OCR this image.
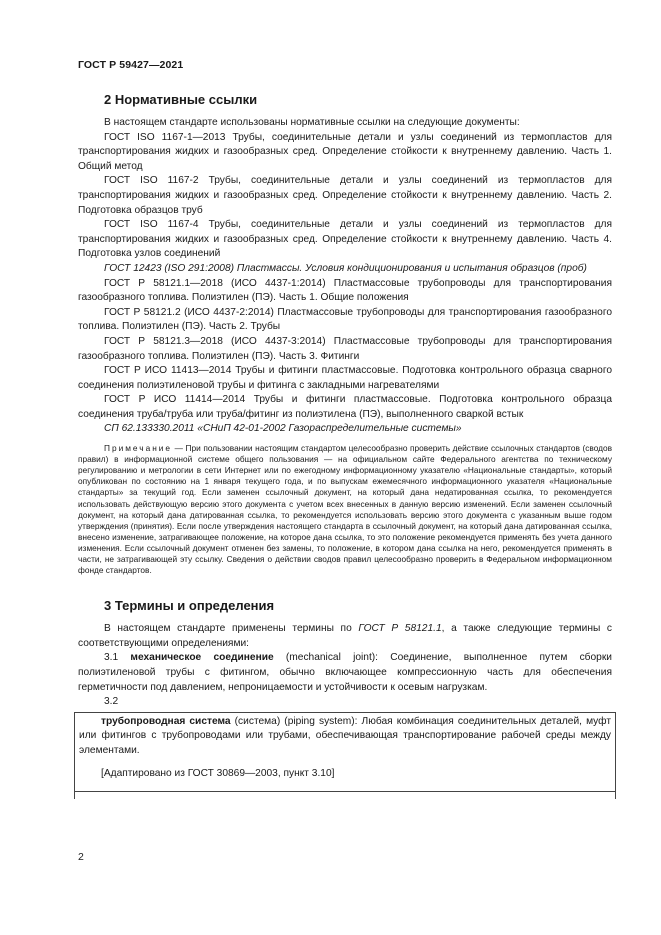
ГОСТ Р 59427—2021
2 Нормативные ссылки

В настоящем стандарте использованы нормативные ссылки на следующие документы:

ГОСТ ISO 1167-1—2013 Трубы, соединительные детали и узлы соединений из термопластов для транспортирования жидких и газообразных сред. Определение стойкости к внутреннему давлению. Часть 1. Общий метод

ГОСТ ISO 1167-2 Трубы, соединительные детали и узлы соединений из термопластов для транспортирования жидких и газообразных сред. Определение стойкости к внутреннему давлению. Часть 2. Подготовка образцов труб

ГОСТ ISO 1167-4 Трубы, соединительные детали и узлы соединений из термопластов для транспортирования жидких и газообразных сред. Определение стойкости к внутреннему давлению. Часть 4. Подготовка узлов соединений

ГОСТ 12423 (ISO 291:2008) Пластмассы. Условия кондиционирования и испытания образцов (проб)

ГОСТ Р 58121.1—2018 (ИСО 4437-1:2014) Пластмассовые трубопроводы для транспортирования газообразного топлива. Полиэтилен (ПЭ). Часть 1. Общие положения

ГОСТ Р 58121.2 (ИСО 4437-2:2014) Пластмассовые трубопроводы для транспортирования газообразного топлива. Полиэтилен (ПЭ). Часть 2. Трубы

ГОСТ Р 58121.3—2018 (ИСО 4437-3:2014) Пластмассовые трубопроводы для транспортирования газообразного топлива. Полиэтилен (ПЭ). Часть 3. Фитинги

ГОСТ Р ИСО 11413—2014 Трубы и фитинги пластмассовые. Подготовка контрольного образца сварного соединения полиэтиленовой трубы и фитинга с закладными нагревателями

ГОСТ Р ИСО 11414—2014 Трубы и фитинги пластмассовые. Подготовка контрольного образца соединения труба/труба или труба/фитинг из полиэтилена (ПЭ), выполненного сваркой встык

СП 62.133330.2011 «СНиП 42-01-2002 Газораспределительные системы»

Примечание — При пользовании настоящим стандартом целесообразно проверить действие ссылочных стандартов (сводов правил) в информационной системе общего пользования — на официальном сайте Федерального агентства по техническому регулированию и метрологии в сети Интернет или по ежегодному информационному указателю «Национальные стандарты», который опубликован по состоянию на 1 января текущего года, и по выпускам ежемесячного информационного указателя «Национальные стандарты» за текущий год. Если заменен ссылочный документ, на который дана недатированная ссылка, то рекомендуется использовать действующую версию этого документа с учетом всех внесенных в данную версию изменений. Если заменен ссылочный документ, на который дана датированная ссылка, то рекомендуется использовать версию этого документа с указанным выше годом утверждения (принятия). Если после утверждения настоящего стандарта в ссылочный документ, на который дана датированная ссылка, внесено изменение, затрагивающее положение, на которое дана ссылка, то это положение рекомендуется применять без учета данного изменения. Если ссылочный документ отменен без замены, то положение, в котором дана ссылка на него, рекомендуется применять в части, не затрагивающей эту ссылку. Сведения о действии сводов правил целесообразно проверить в Федеральном информационном фонде стандартов.

3 Термины и определения

В настоящем стандарте применены термины по ГОСТ Р 58121.1, а также следующие термины с соответствующими определениями:

3.1 механическое соединение (mechanical joint): Соединение, выполненное путем сборки полиэтиленовой трубы с фитингом, обычно включающее компрессионную часть для обеспечения герметичности под давлением, непроницаемости и устойчивости к осевым нагрузкам.

3.2

трубопроводная система (система) (piping system): Любая комбинация соединительных деталей, муфт или фитингов с трубопроводами или трубами, обеспечивающая транспортирование рабочей среды между элементами.

[Адаптировано из ГОСТ 30869—2003, пункт 3.10]

2
